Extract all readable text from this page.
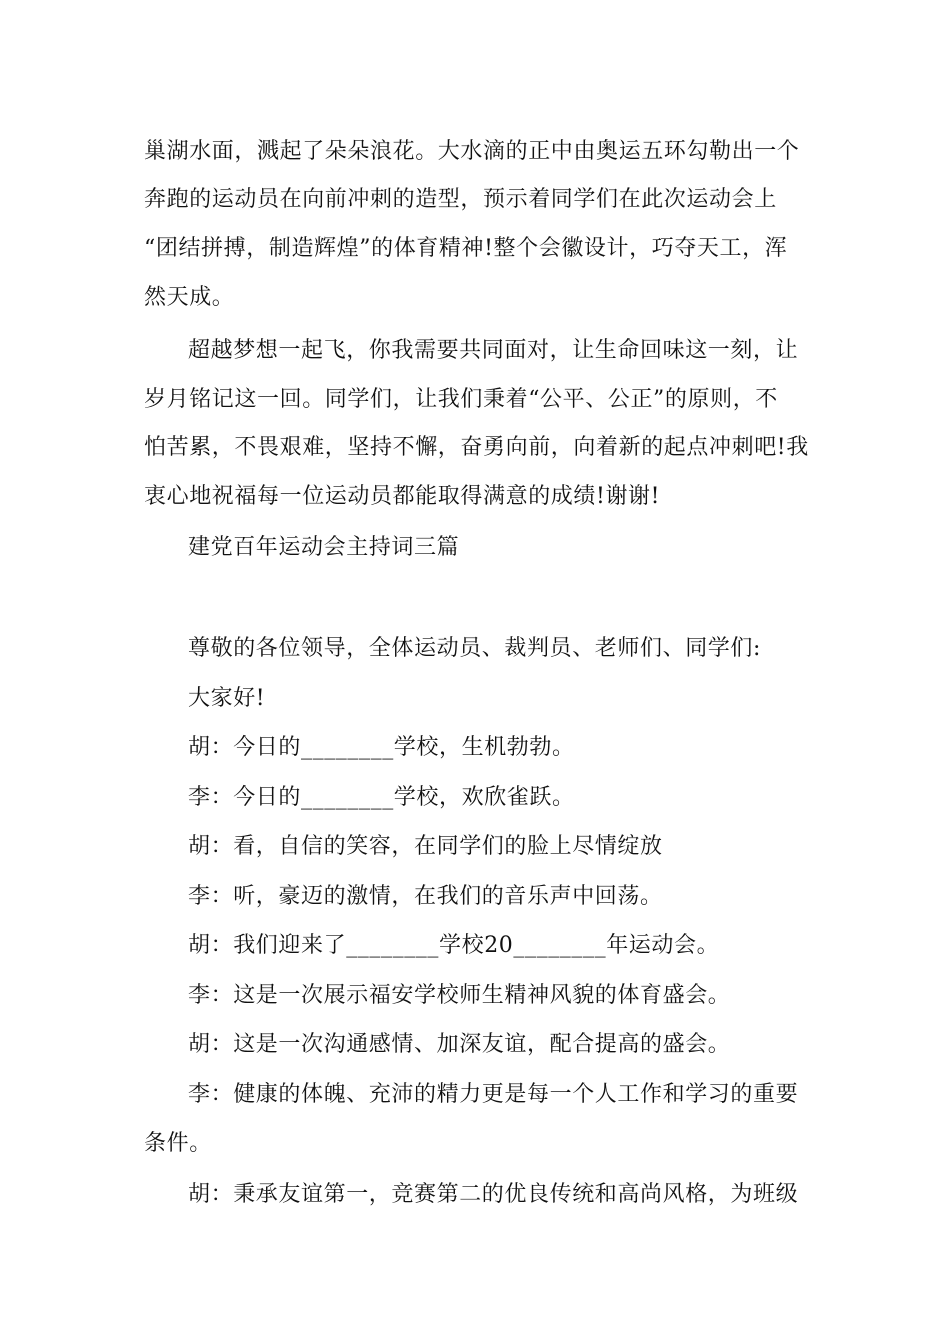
巢湖水面，溅起了朵朵浪花。大水滴的正中由奥运五环勾勒出一个
奔跑的运动员在向前冲刺的造型，预示着同学们在此次运动会上
“团结拼搏，制造辉煌”的体育精神!整个会徽设计，巧夺天工，浑
然天成。
超越梦想一起飞，你我需要共同面对，让生命回味这一刻，让
岁月铭记这一回。同学们，让我们秉着“公平、公正”的原则，不
怕苦累，不畏艰难，坚持不懈，奋勇向前，向着新的起点冲刺吧!我
衷心地祝福每一位运动员都能取得满意的成绩!谢谢!
建党百年运动会主持词三篇
尊敬的各位领导，全体运动员、裁判员、老师们、同学们:
大家好!
胡：今日的________学校，生机勃勃。
李：今日的________学校，欢欣雀跃。
胡：看，自信的笑容，在同学们的脸上尽情绽放
李：听，豪迈的激情，在我们的音乐声中回荡。
胡：我们迎来了________学校20________年运动会。
李：这是一次展示福安学校师生精神风貌的体育盛会。
胡：这是一次沟通感情、加深友谊，配合提高的盛会。
李：健康的体魄、充沛的精力更是每一个人工作和学习的重要
条件。
胡：秉承友谊第一，竞赛第二的优良传统和高尚风格，为班级
